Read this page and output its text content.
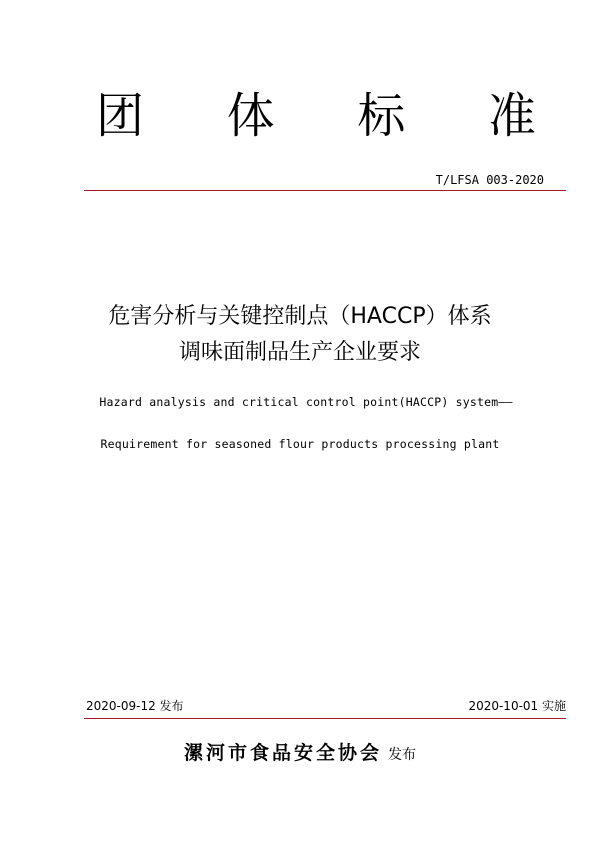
团 体 标 准
T/LFSA 003-2020
危害分析与关键控制点（HACCP）体系
调味面制品生产企业要求
Hazard analysis and critical control point(HACCP) system——
Requirement for seasoned flour products processing plant
2020-09-12 发布	2020-10-01 实施
漯河市食品安全协会 发布
